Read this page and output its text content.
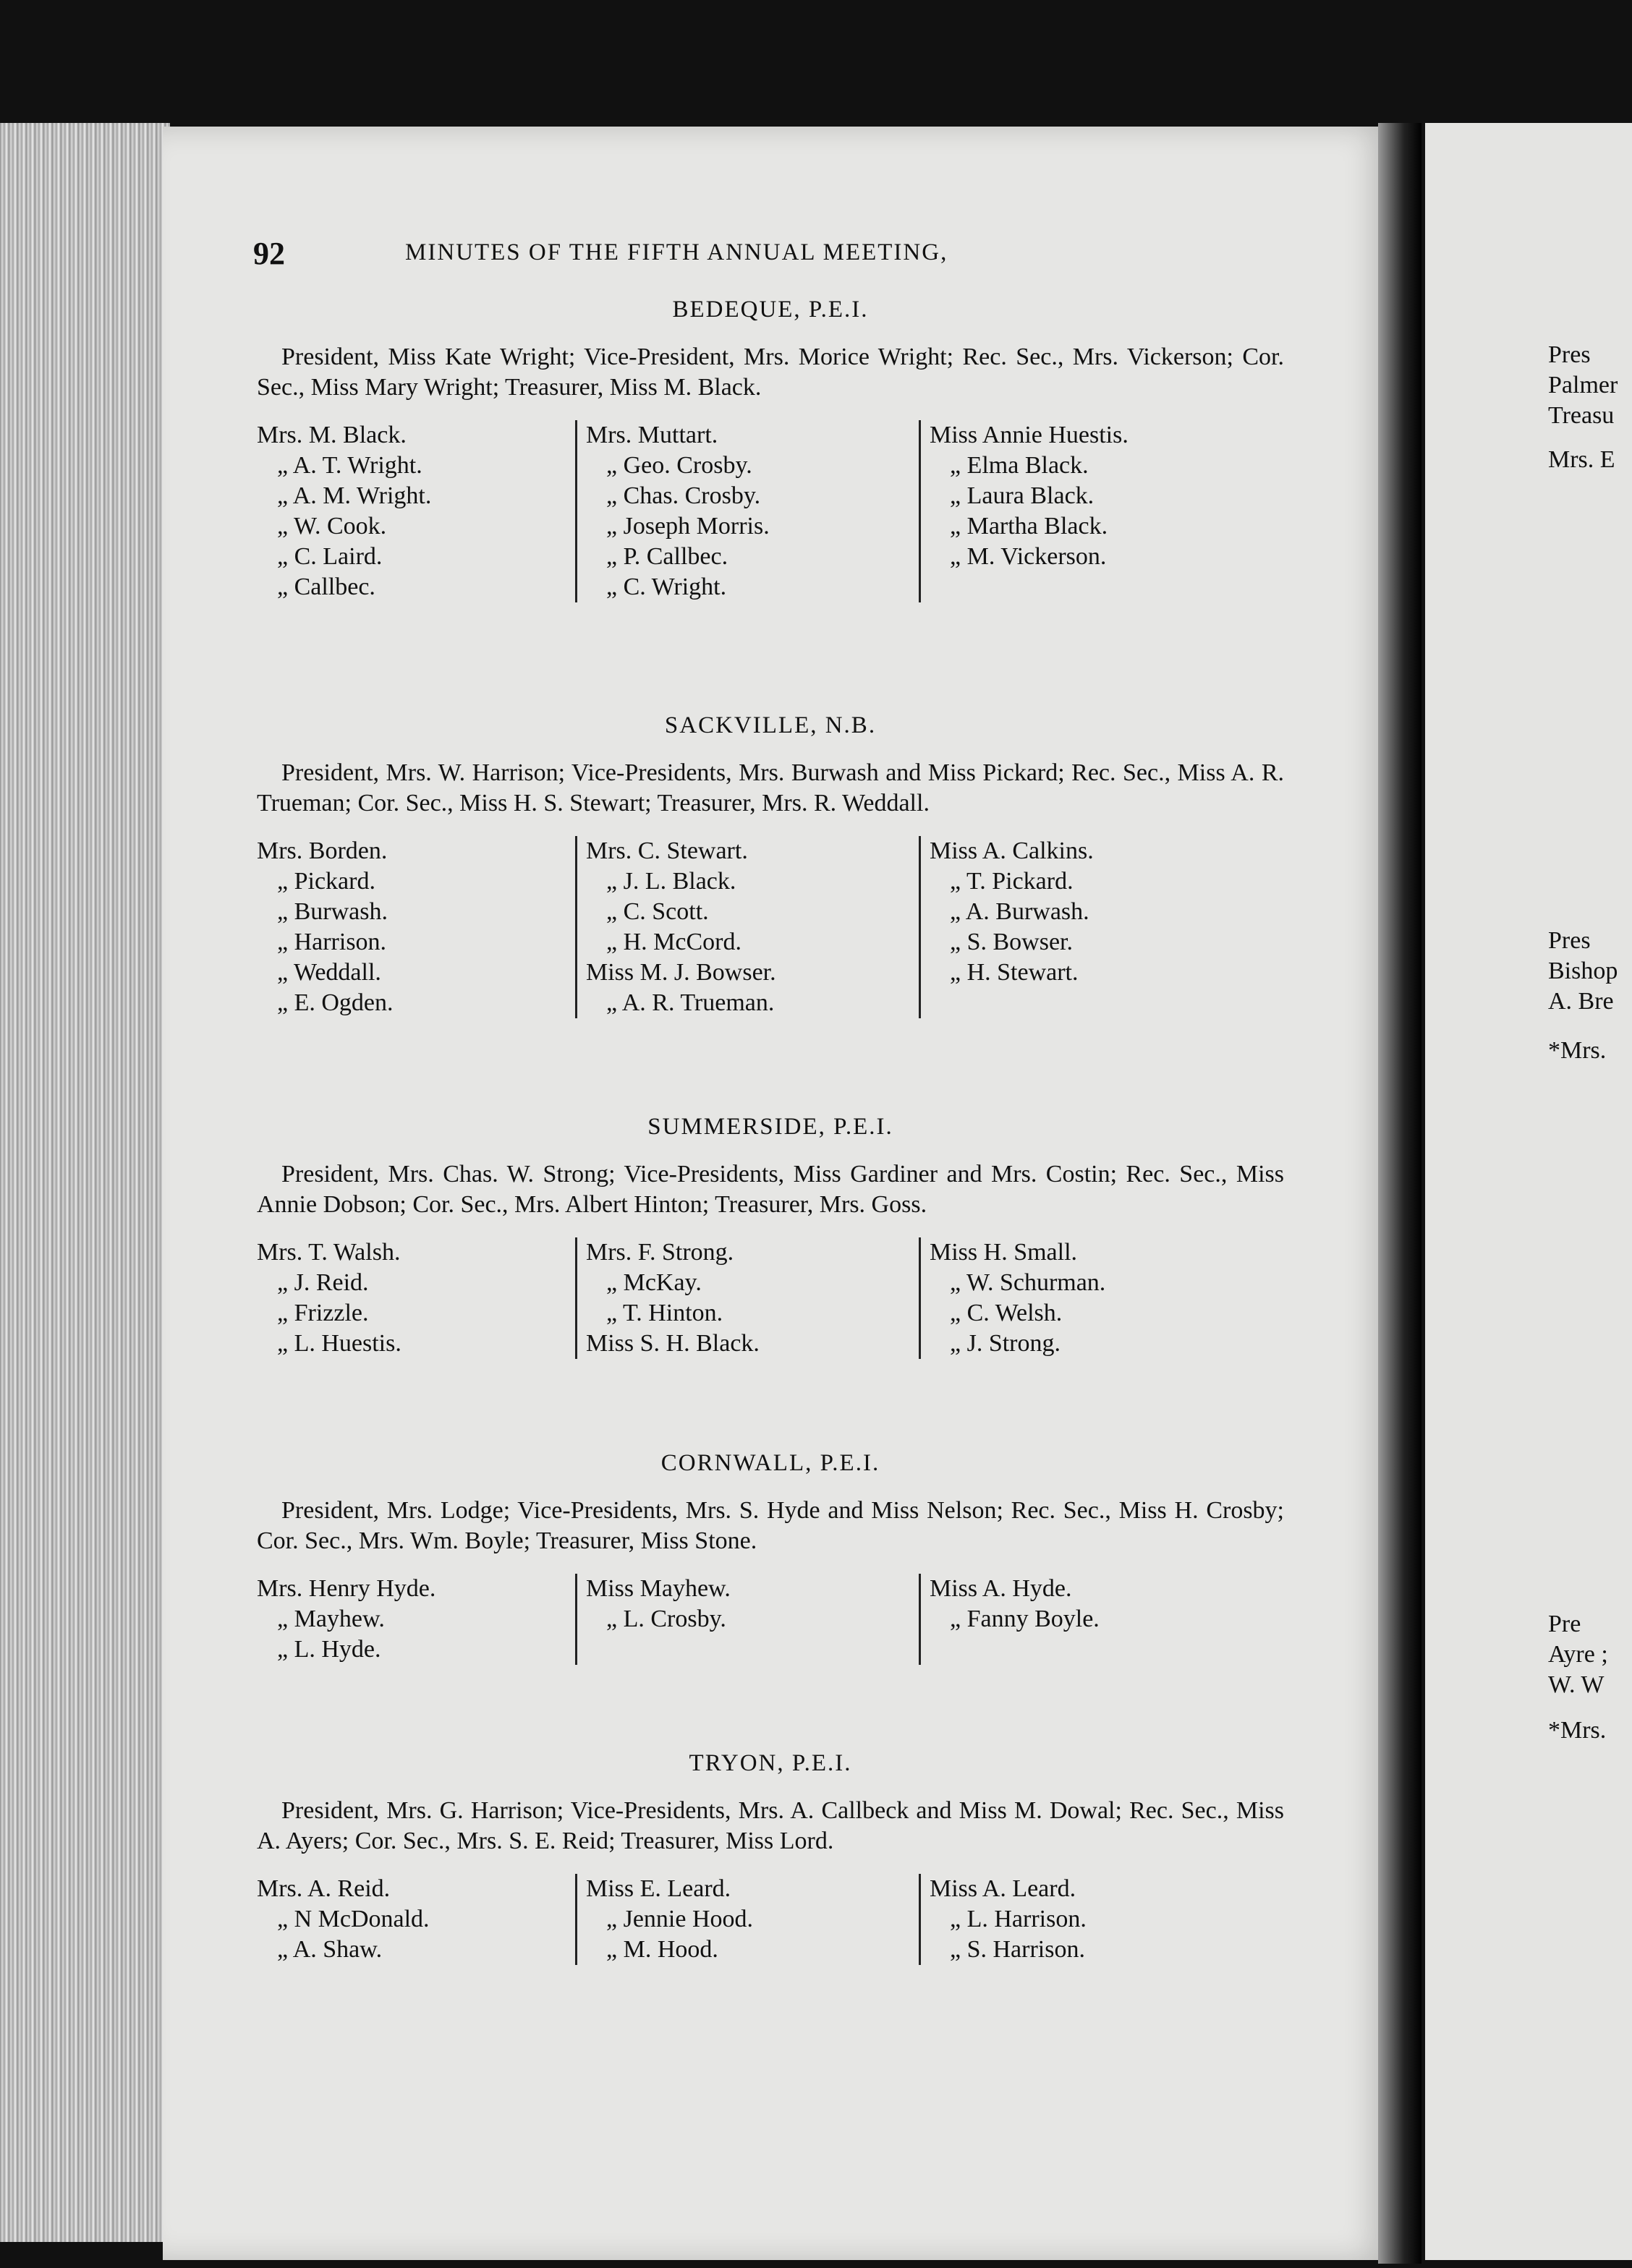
92	MINUTES OF THE FIFTH ANNUAL MEETING,
BEDEQUE, P.E.I.

President, Miss Kate Wright; Vice-President, Mrs. Morice Wright; Rec. Sec., Mrs. Vickerson; Cor. Sec., Miss Mary Wright; Treasurer, Miss M. Black.

Mrs. M. Black.
„ A. T. Wright.
„ A. M. Wright.
„ W. Cook.
„ C. Laird.
„ Callbec.
Mrs. Muttart.
„ Geo. Crosby.
„ Chas. Crosby.
„ Joseph Morris.
„ P. Callbec.
„ C. Wright.
Miss Annie Huestis.
„ Elma Black.
„ Laura Black.
„ Martha Black.
„ M. Vickerson.
SACKVILLE, N.B.

President, Mrs. W. Harrison; Vice-Presidents, Mrs. Burwash and Miss Pickard; Rec. Sec., Miss A. R. Trueman; Cor. Sec., Miss H. S. Stewart; Treasurer, Mrs. R. Weddall.

Mrs. Borden.
„ Pickard.
„ Burwash.
„ Harrison.
„ Weddall.
„ E. Ogden.
Mrs. C. Stewart.
„ J. L. Black.
„ C. Scott.
„ H. McCord.
Miss M. J. Bowser.
„ A. R. Trueman.
Miss A. Calkins.
„ T. Pickard.
„ A. Burwash.
„ S. Bowser.
„ H. Stewart.
SUMMERSIDE, P.E.I.

President, Mrs. Chas. W. Strong; Vice-Presidents, Miss Gardiner and Mrs. Costin; Rec. Sec., Miss Annie Dobson; Cor. Sec., Mrs. Albert Hinton; Treasurer, Mrs. Goss.

Mrs. T. Walsh.
„ J. Reid.
„ Frizzle.
„ L. Huestis.
Mrs. F. Strong.
„ McKay.
„ T. Hinton.
Miss S. H. Black.
Miss H. Small.
„ W. Schurman.
„ C. Welsh.
„ J. Strong.
CORNWALL, P.E.I.

President, Mrs. Lodge; Vice-Presidents, Mrs. S. Hyde and Miss Nelson; Rec. Sec., Miss H. Crosby; Cor. Sec., Mrs. Wm. Boyle; Treasurer, Miss Stone.

Mrs. Henry Hyde.
„ Mayhew.
„ L. Hyde.
Miss Mayhew.
„ L. Crosby.
Miss A. Hyde.
„ Fanny Boyle.
TRYON, P.E.I.

President, Mrs. G. Harrison; Vice-Presidents, Mrs. A. Callbeck and Miss M. Dowal; Rec. Sec., Miss A. Ayers; Cor. Sec., Mrs. S. E. Reid; Treasurer, Miss Lord.

Mrs. A. Reid.
„ N McDonald.
„ A. Shaw.
Miss E. Leard.
„ Jennie Hood.
„ M. Hood.
Miss A. Leard.
„ L. Harrison.
„ S. Harrison.
Pres
Palmer
Treasu
Mrs. E
Pres
Bishop
A. Bre
*Mrs.
Pre
Ayre ;
W. W
*Mrs.
